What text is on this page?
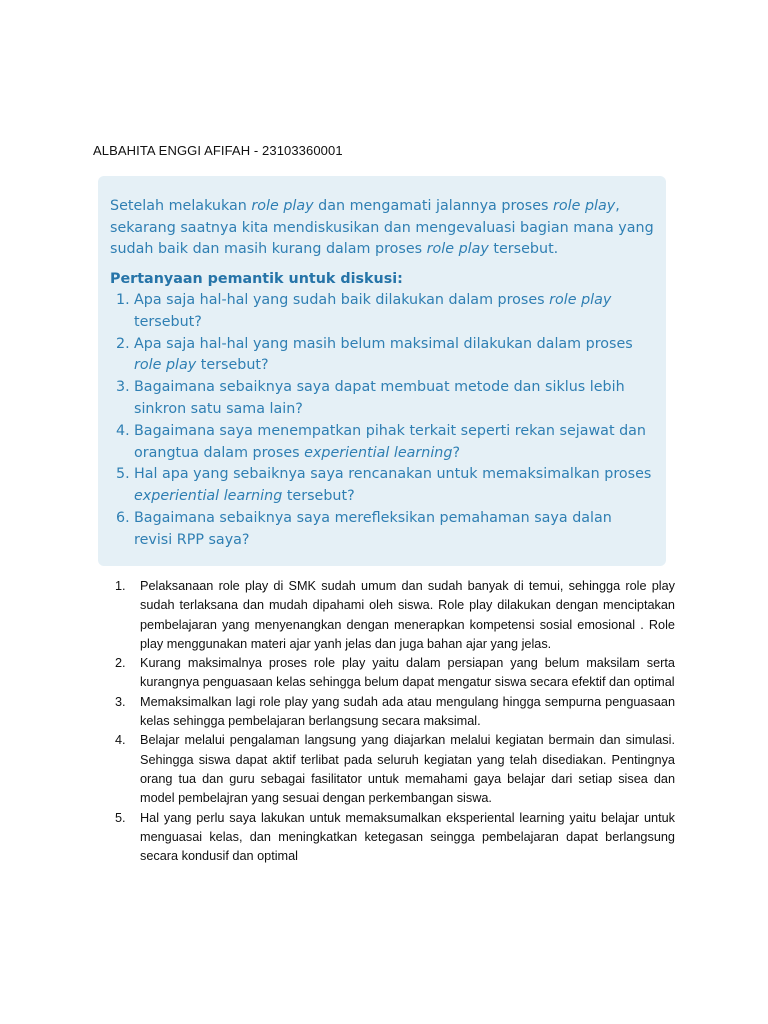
ALBAHITA ENGGI AFIFAH - 23103360001

Setelah melakukan role play dan mengamati jalannya proses role play, sekarang saatnya kita mendiskusikan dan mengevaluasi bagian mana yang sudah baik dan masih kurang dalam proses role play tersebut.

Pertanyaan pemantik untuk diskusi:

1. Apa saja hal-hal yang sudah baik dilakukan dalam proses role play tersebut?
2. Apa saja hal-hal yang masih belum maksimal dilakukan dalam proses role play tersebut?
3. Bagaimana sebaiknya saya dapat membuat metode dan siklus lebih sinkron satu sama lain?
4. Bagaimana saya menempatkan pihak terkait seperti rekan sejawat dan orangtua dalam proses experiential learning?
5. Hal apa yang sebaiknya saya rencanakan untuk memaksimalkan proses experiential learning tersebut?
6. Bagaimana sebaiknya saya merefleksikan pemahaman saya dalan revisi RPP saya?
1. Pelaksanaan role play di SMK sudah umum dan sudah banyak di temui, sehingga role play sudah terlaksana dan mudah dipahami oleh siswa. Role play dilakukan dengan menciptakan pembelajaran yang menyenangkan dengan menerapkan kompetensi sosial emosional . Role play menggunakan materi ajar yanh jelas dan juga bahan ajar yang jelas.
2. Kurang maksimalnya proses role play yaitu dalam persiapan yang belum maksilam serta kurangnya penguasaan kelas sehingga belum dapat mengatur siswa secara efektif dan optimal
3. Memaksimalkan lagi role play yang sudah ada atau mengulang hingga sempurna penguasaan kelas sehingga pembelajaran berlangsung secara maksimal.
4. Belajar melalui pengalaman langsung yang diajarkan melalui kegiatan bermain dan simulasi. Sehingga siswa dapat aktif terlibat pada seluruh kegiatan yang telah disediakan. Pentingnya orang tua dan guru sebagai fasilitator untuk memahami gaya belajar dari setiap sisea dan model pembelajran yang sesuai dengan perkembangan siswa.
5. Hal yang perlu saya lakukan untuk memaksumalkan eksperiental learning yaitu belajar untuk menguasai kelas, dan meningkatkan ketegasan seingga pembelajaran dapat berlangsung secara kondusif dan optimal
